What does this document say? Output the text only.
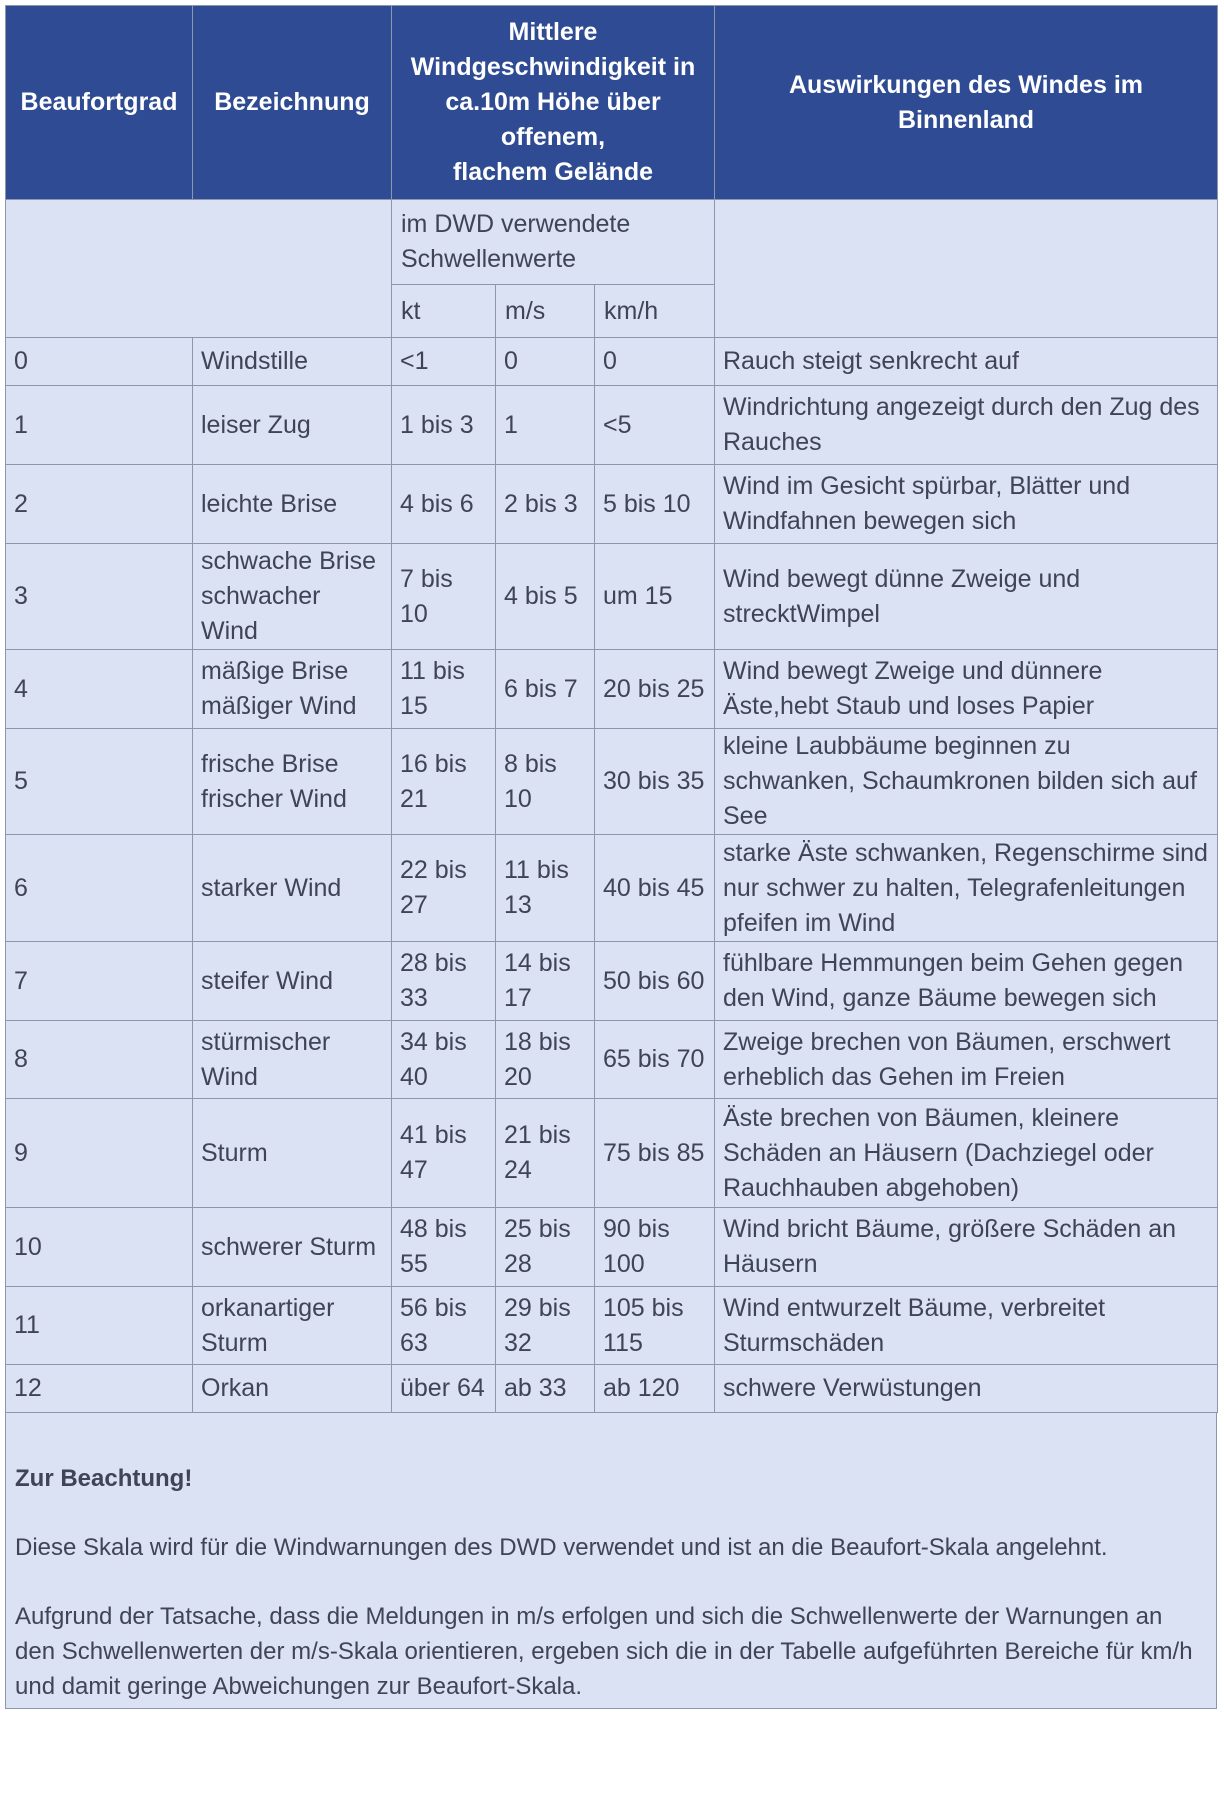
Beaufortgrad	Bezeichnung	Mittlere
Windgeschwindigkeit in
ca.10m Höhe über
offenem,
flachem Gelände			Auswirkungen des Windes im
Binnenland
		im DWD verwendete Schwellenwerte			
		kt	m/s	km/h	
0	Windstille	<1	0	0	Rauch steigt senkrecht auf
1	leiser Zug	1 bis 3	1	<5	Windrichtung angezeigt durch den Zug des Rauches
2	leichte Brise	4 bis 6	2 bis 3	5 bis 10	Wind im Gesicht spürbar, Blätter und Windfahnen bewegen sich
3	schwache Brise schwacher Wind	7 bis 10	4 bis 5	um 15	Wind bewegt dünne Zweige und strecktWimpel
4	mäßige Brise mäßiger Wind	11 bis 15	6 bis 7	20 bis 25	Wind bewegt Zweige und dünnere Äste,hebt Staub und loses Papier
5	frische Brise frischer Wind	16 bis 21	8 bis 10	30 bis 35	kleine Laubbäume beginnen zu schwanken, Schaumkronen bilden sich auf See
6	starker Wind	22 bis 27	11 bis 13	40 bis 45	starke Äste schwanken, Regenschirme sind nur schwer zu halten, Telegrafenleitungen pfeifen im Wind
7	steifer Wind	28 bis 33	14 bis 17	50 bis 60	fühlbare Hemmungen beim Gehen gegen den Wind, ganze Bäume bewegen sich
8	stürmischer Wind	34 bis 40	18 bis 20	65 bis 70	Zweige brechen von Bäumen, erschwert erheblich das Gehen im Freien
9	Sturm	41 bis 47	21 bis 24	75 bis 85	Äste brechen von Bäumen, kleinere Schäden an Häusern (Dachziegel oder Rauchhauben abgehoben)
10	schwerer Sturm	48 bis 55	25 bis 28	90 bis 100	Wind bricht Bäume, größere Schäden an Häusern
11	orkanartiger Sturm	56 bis 63	29 bis 32	105 bis 115	Wind entwurzelt Bäume, verbreitet Sturmschäden
12	Orkan	über 64	ab 33	ab 120	schwere Verwüstungen

Zur Beachtung!

Diese Skala wird für die Windwarnungen des DWD verwendet und ist an die Beaufort-Skala angelehnt.

Aufgrund der Tatsache, dass die Meldungen in m/s erfolgen und sich die Schwellenwerte der Warnungen an den Schwellenwerten der m/s-Skala orientieren, ergeben sich die in der Tabelle aufgeführten Bereiche für km/h und damit geringe Abweichungen zur Beaufort-Skala.
